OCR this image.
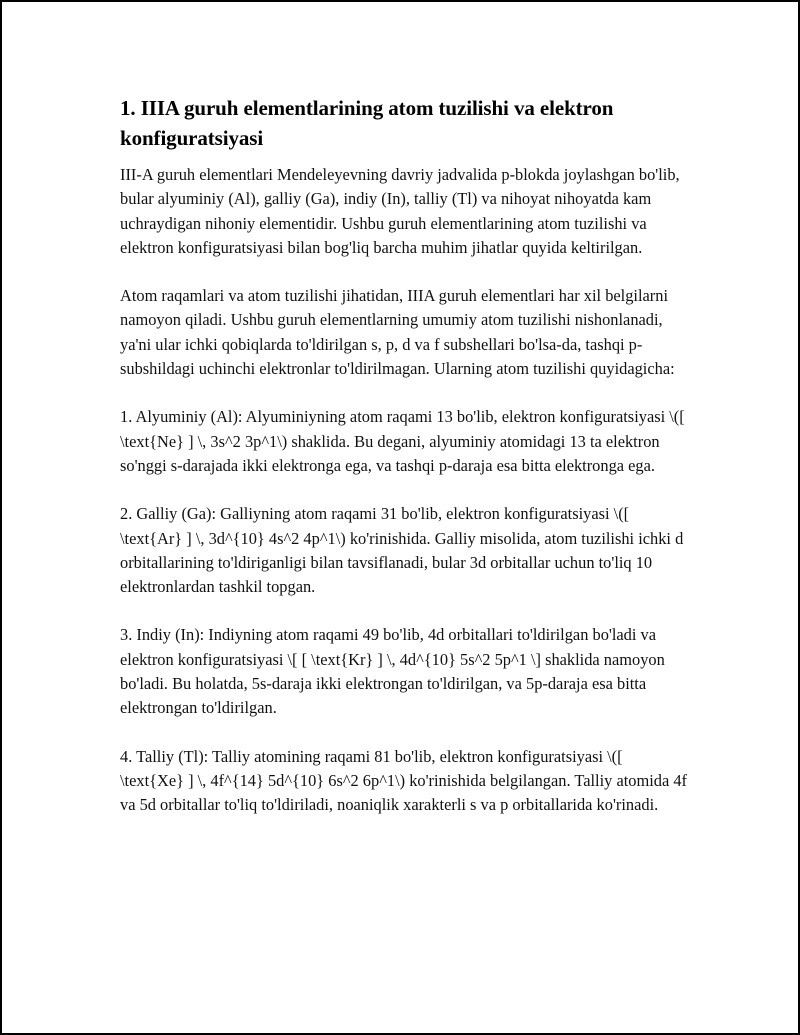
1. IIIA guruh elementlarining atom tuzilishi va elektron konfiguratsiyasi

III-A guruh elementlari Mendeleyevning davriy jadvalida p-blokda joylashgan bo'lib, bular alyuminiy (Al), galliy (Ga), indiy (In), talliy (Tl) va nihoyat nihoyatda kam uchraydigan nihoniy elementidir. Ushbu guruh elementlarining atom tuzilishi va elektron konfiguratsiyasi bilan bog'liq barcha muhim jihatlar quyida keltirilgan.

Atom raqamlari va atom tuzilishi jihatidan, IIIA guruh elementlari har xil belgilarni namoyon qiladi. Ushbu guruh elementlarning umumiy atom tuzilishi nishonlanadi, ya'ni ular ichki qobiqlarda to'ldirilgan s, p, d va f subshellari bo'lsa-da, tashqi p-subshildagi uchinchi elektronlar to'ldirilmagan. Ularning atom tuzilishi quyidagicha:

1. Alyuminiy (Al): Alyuminiyning atom raqami 13 bo'lib, elektron konfiguratsiyasi \([ \text{Ne} ] \, 3s^2 3p^1\) shaklida. Bu degani, alyuminiy atomidagi 13 ta elektron so'nggi s-darajada ikki elektronga ega, va tashqi p-daraja esa bitta elektronga ega.

2. Galliy (Ga): Galliyning atom raqami 31 bo'lib, elektron konfiguratsiyasi \([ \text{Ar} ] \, 3d^{10} 4s^2 4p^1\) ko'rinishida. Galliy misolida, atom tuzilishi ichki d orbitallarining to'ldiriganligi bilan tavsiflanadi, bular 3d orbitallar uchun to'liq 10 elektronlardan tashkil topgan.

3. Indiy (In): Indiyning atom raqami 49 bo'lib, 4d orbitallari to'ldirilgan bo'ladi va elektron konfiguratsiyasi \[ [ \text{Kr} ] \, 4d^{10} 5s^2 5p^1 \] shaklida namoyon bo'ladi. Bu holatda, 5s-daraja ikki elektrongan to'ldirilgan, va 5p-daraja esa bitta elektrongan to'ldirilgan.

4. Talliy (Tl): Talliy atomining raqami 81 bo'lib, elektron konfiguratsiyasi \([ \text{Xe} ] \, 4f^{14} 5d^{10} 6s^2 6p^1\) ko'rinishida belgilangan. Talliy atomida 4f va 5d orbitallar to'liq to'ldiriladi, noaniqlik xarakterli s va p orbitallarida ko'rinadi.
